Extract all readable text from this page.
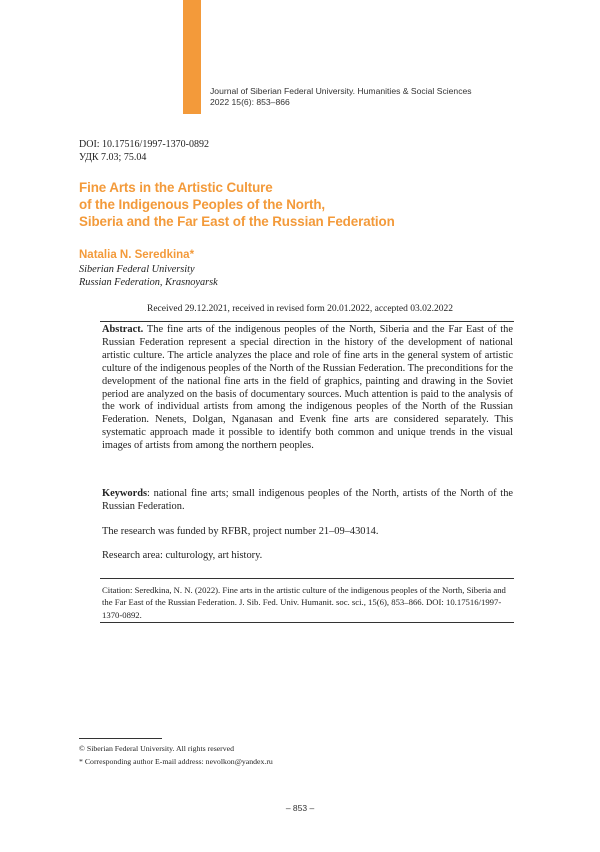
Journal of Siberian Federal University. Humanities & Social Sciences
2022 15(6): 853–866
DOI: 10.17516/1997-1370-0892
УДК 7.03; 75.04
Fine Arts in the Artistic Culture
of the Indigenous Peoples of the North,
Siberia and the Far East of the Russian Federation
Natalia N. Seredkina*
Siberian Federal University
Russian Federation, Krasnoyarsk
Received 29.12.2021, received in revised form 20.01.2022, accepted 03.02.2022

Abstract. The fine arts of the indigenous peoples of the North, Siberia and the Far East of the Russian Federation represent a special direction in the history of the development of national artistic culture. The article analyzes the place and role of fine arts in the general system of artistic culture of the indigenous peoples of the North of the Russian Federation. The preconditions for the development of the national fine arts in the field of graphics, painting and drawing in the Soviet period are analyzed on the basis of documentary sources. Much attention is paid to the analysis of the work of individual artists from among the indigenous peoples of the North of the Russian Federation. Nenets, Dolgan, Nganasan and Evenk fine arts are considered separately. This systematic approach made it possible to identify both common and unique trends in the visual images of artists from among the northern peoples.

Keywords: national fine arts; small indigenous peoples of the North, artists of the North of the Russian Federation.

The research was funded by RFBR, project number 21–09–43014.

Research area: culturology, art history.

Citation: Seredkina, N. N. (2022). Fine arts in the artistic culture of the indigenous peoples of the North, Siberia and the Far East of the Russian Federation. J. Sib. Fed. Univ. Humanit. soc. sci., 15(6), 853–866. DOI: 10.17516/1997-1370-0892.

© Siberian Federal University. All rights reserved
* Corresponding author E-mail address: nevolkon@yandex.ru
– 853 –
